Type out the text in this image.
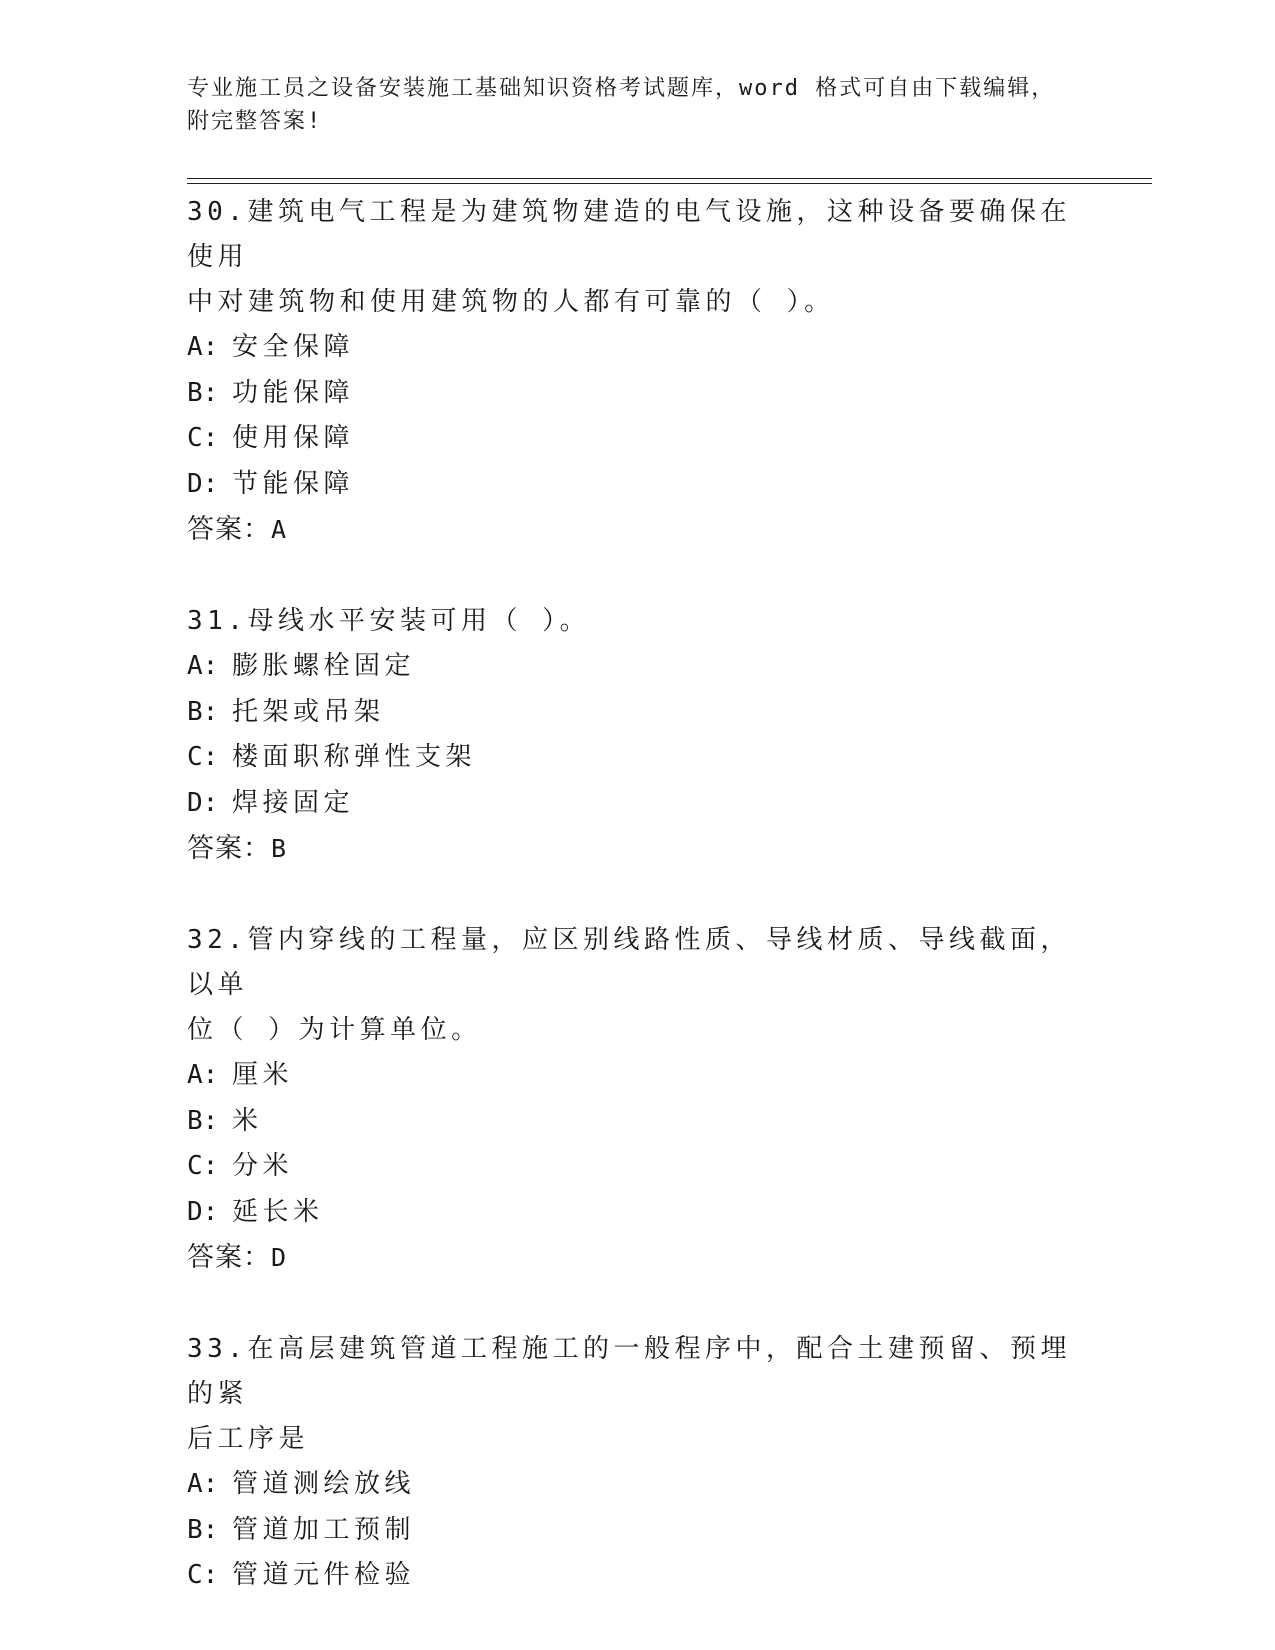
专业施工员之设备安装施工基础知识资格考试题库，word 格式可自由下载编辑，
附完整答案!
30.建筑电气工程是为建筑物建造的电气设施，这种设备要确保在使用
中对建筑物和使用建筑物的人都有可靠的（ ）。
A: 安全保障
B: 功能保障
C: 使用保障
D: 节能保障
答案：A
31.母线水平安装可用（ ）。
A: 膨胀螺栓固定
B: 托架或吊架
C: 楼面职称弹性支架
D: 焊接固定
答案：B
32.管内穿线的工程量，应区别线路性质、导线材质、导线截面，以单
位（ ）为计算单位。
A: 厘米
B: 米
C: 分米
D: 延长米
答案：D
33.在高层建筑管道工程施工的一般程序中，配合土建预留、预埋的紧
后工序是
A: 管道测绘放线
B: 管道加工预制
C: 管道元件检验
